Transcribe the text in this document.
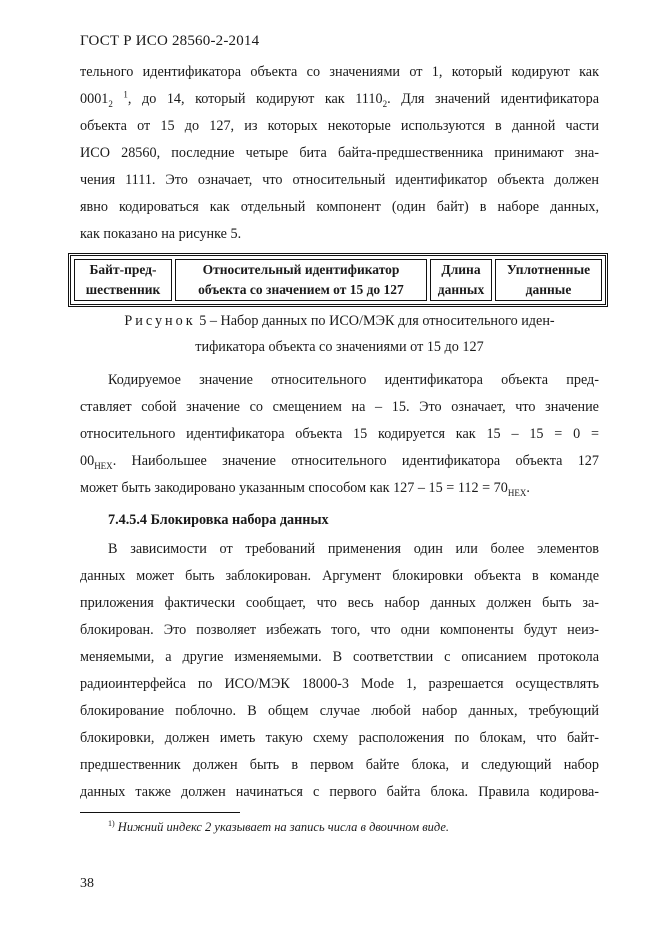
ГОСТ Р ИСО 28560-2-2014
тельного идентификатора объекта со значениями от 1, который кодируют как
$0001_2$ $^1$, до 14, который кодируют как $1110_2$. Для значений идентификатора
объекта от 15 до 127, из которых некоторые используются в данной части
ИСО 28560, последние четыре бита байта-предшественника принимают зна-
чения 1111. Это означает, что относительный идентификатор объекта должен
явно кодироваться как отдельный компонент (один байт) в наборе данных,
как показано на рисунке 5.
Байт-пред-
шественник

Относительный идентификатор
объекта со значением от 15 до 127

Длина
данных

Уплотненные
данные
Рисунок 5 – Набор данных по ИСО/МЭК для относительного иден-
тификатора объекта со значениями от 15 до 127
Кодируемое значение относительного идентификатора объекта пред-
ставляет собой значение со смещением на – 15. Это означает, что значение
относительного идентификатора объекта 15 кодируется как 15 – 15 = 0 =
$00_{HEX}$. Наибольшее значение относительного идентификатора объекта 127
может быть закодировано указанным способом как $127 - 15 = 112 = 70_{HEX}$.
7.4.5.4 Блокировка набора данных
В зависимости от требований применения один или более элементов
данных может быть заблокирован. Аргумент блокировки объекта в команде
приложения фактически сообщает, что весь набор данных должен быть за-
блокирован. Это позволяет избежать того, что одни компоненты будут неиз-
меняемыми, а другие изменяемыми. В соответствии с описанием протокола
радиоинтерфейса по ИСО/МЭК 18000-3 Mode 1, разрешается осуществлять
блокирование поблочно. В общем случае любой набор данных, требующий
блокировки, должен иметь такую схему расположения по блокам, что байт-
предшественник должен быть в первом байте блока, и следующий набор
данных также должен начинаться с первого байта блока. Правила кодирова-
$^{1)}$ Нижний индекс 2 указывает на запись числа в двоичном виде.
38
